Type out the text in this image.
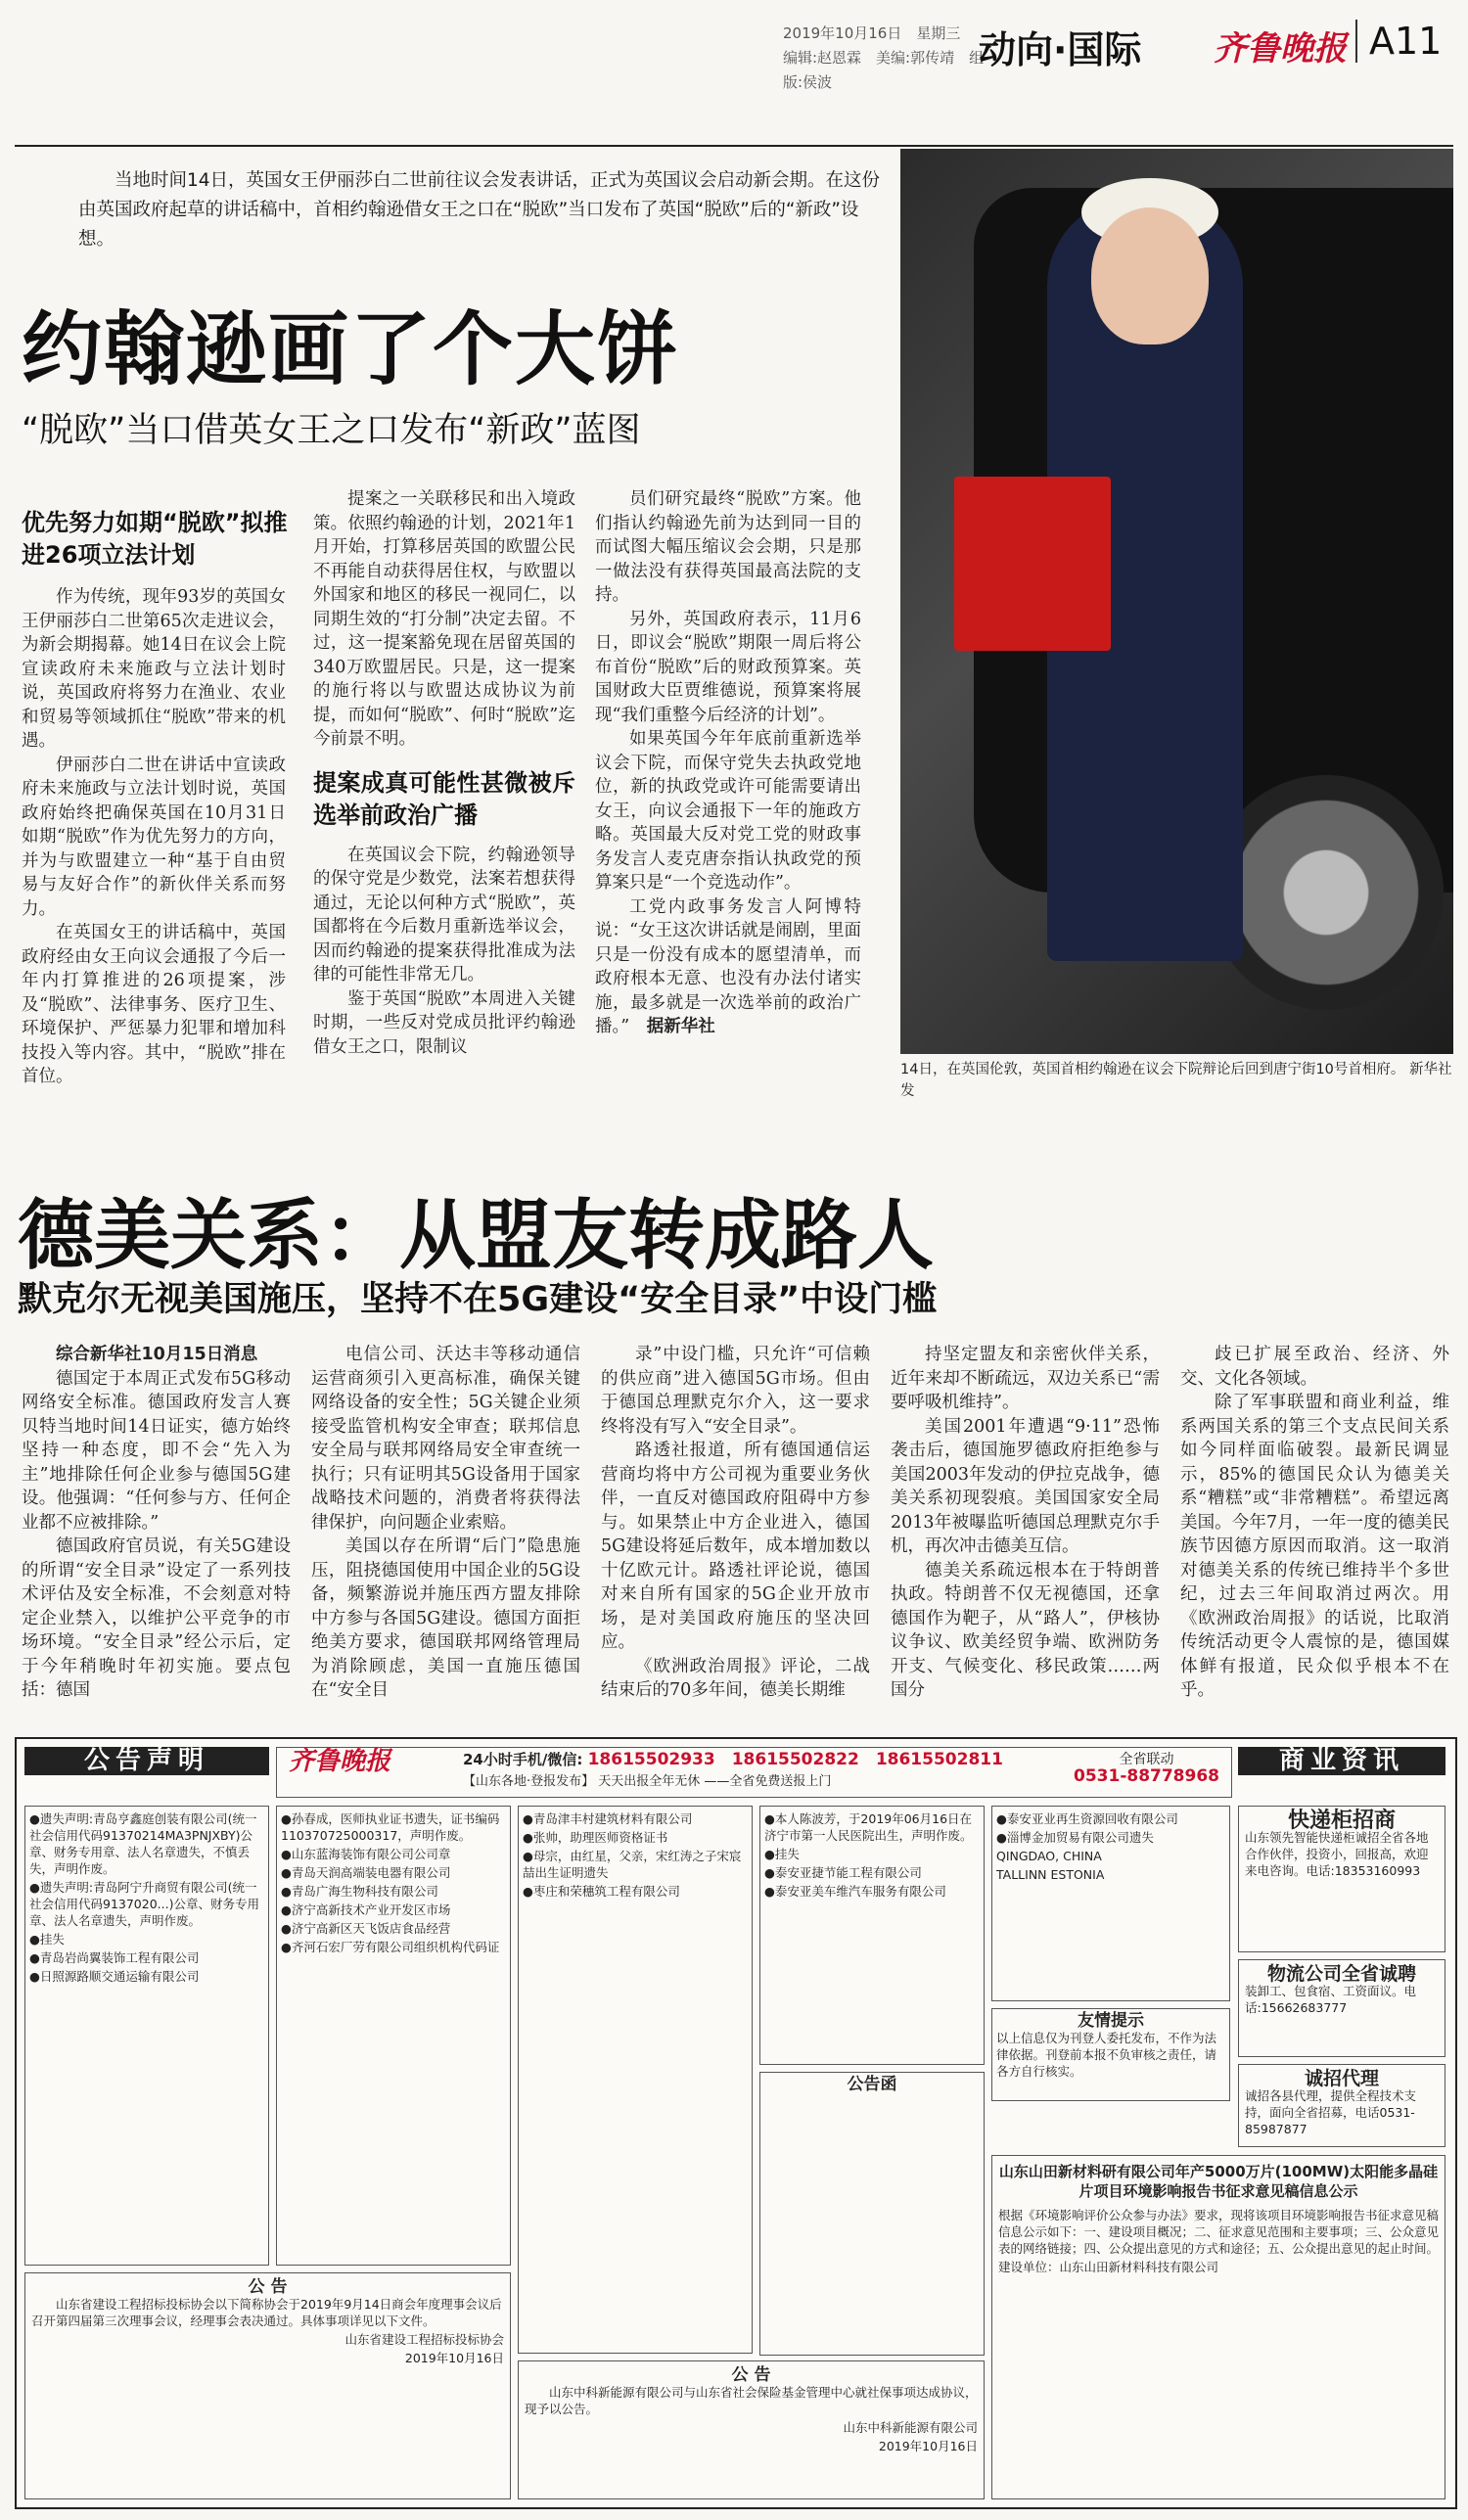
2019年10月16日　 星期三
编辑:赵恩霖　美编:郭传靖　组版:侯波
动向·国际 齐鲁晚报 A11
当地时间14日，英国女王伊丽莎白二世前往议会发表讲话，正式为英国议会启动新会期。在这份由英国政府起草的讲话稿中，首相约翰逊借女王之口在“脱欧”当口发布了英国“脱欧”后的“新政”设想。
约翰逊画了个大饼
“脱欧”当口借英女王之口发布“新政”蓝图
优先努力如期“脱欧”拟推进26项立法计划

作为传统，现年93岁的英国女王伊丽莎白二世第65次走进议会，为新会期揭幕。她14日在议会上院宣读政府未来施政与立法计划时说，英国政府将努力在渔业、农业和贸易等领域抓住“脱欧”带来的机遇。

伊丽莎白二世在讲话中宣读政府未来施政与立法计划时说，英国政府始终把确保英国在10月31日如期“脱欧”作为优先努力的方向，并为与欧盟建立一种“基于自由贸易与友好合作”的新伙伴关系而努力。

在英国女王的讲话稿中，英国政府经由女王向议会通报了今后一年内打算推进的26项提案，涉及“脱欧”、法律事务、医疗卫生、环境保护、严惩暴力犯罪和增加科技投入等内容。其中，“脱欧”排在首位。

提案之一关联移民和出入境政策。依照约翰逊的计划，2021年1月开始，打算移居英国的欧盟公民不再能自动获得居住权，与欧盟以外国家和地区的移民一视同仁，以同期生效的“打分制”决定去留。不过，这一提案豁免现在居留英国的340万欧盟居民。只是，这一提案的施行将以与欧盟达成协议为前提，而如何“脱欧”、何时“脱欧”迄今前景不明。

提案成真可能性甚微被斥选举前政治广播

在英国议会下院，约翰逊领导的保守党是少数党，法案若想获得通过，无论以何种方式“脱欧”，英国都将在今后数月重新选举议会，因而约翰逊的提案获得批准成为法律的可能性非常无几。

鉴于英国“脱欧”本周进入关键时期，一些反对党成员批评约翰逊借女王之口，限制议

员们研究最终“脱欧”方案。他们指认约翰逊先前为达到同一目的而试图大幅压缩议会会期，只是那一做法没有获得英国最高法院的支持。

另外，英国政府表示，11月6日，即议会“脱欧”期限一周后将公布首份“脱欧”后的财政预算案。英国财政大臣贾维德说，预算案将展现“我们重整今后经济的计划”。

如果英国今年年底前重新选举议会下院，而保守党失去执政党地位，新的执政党或许可能需要请出女王，向议会通报下一年的施政方略。英国最大反对党工党的财政事务发言人麦克唐奈指认执政党的预算案只是“一个竞选动作”。

工党内政事务发言人阿博特说：“女王这次讲话就是闹剧，里面只是一份没有成本的愿望清单，而政府根本无意、也没有办法付诸实施，最多就是一次选举前的政治广播。”　 据新华社

14日，在英国伦敦，英国首相约翰逊在议会下院辩论后回到唐宁街10号首相府。 新华社发
德美关系：从盟友转成路人
默克尔无视美国施压，坚持不在5G建设“安全目录”中设门槛
综合新华社10月15日消息

德国定于本周正式发布5G移动网络安全标准。德国政府发言人赛贝特当地时间14日证实，德方始终坚持一种态度，即不会“先入为主”地排除任何企业参与德国5G建设。他强调：“任何参与方、任何企业都不应被排除。”

德国政府官员说，有关5G建设的所谓“安全目录”设定了一系列技术评估及安全标准，不会刻意对特定企业禁入，以维护公平竞争的市场环境。“安全目录”经公示后，定于今年稍晚时年初实施。要点包括：德国

电信公司、沃达丰等移动通信运营商须引入更高标准，确保关键网络设备的安全性；5G关键企业须接受监管机构安全审查；联邦信息安全局与联邦网络局安全审查统一执行；只有证明其5G设备用于国家战略技术问题的，消费者将获得法律保护，向问题企业索赔。

美国以存在所谓“后门”隐患施压，阻挠德国使用中国企业的5G设备，频繁游说并施压西方盟友排除中方参与各国5G建设。德国方面拒绝美方要求，德国联邦网络管理局为消除顾虑，美国一直施压德国在“安全目

录”中设门槛，只允许“可信赖的供应商”进入德国5G市场。但由于德国总理默克尔介入，这一要求终将没有写入“安全目录”。

路透社报道，所有德国通信运营商均将中方公司视为重要业务伙伴，一直反对德国政府阻碍中方参与。如果禁止中方企业进入，德国5G建设将延后数年，成本增加数以十亿欧元计。路透社评论说，德国对来自所有国家的5G企业开放市场，是对美国政府施压的坚决回应。

《欧洲政治周报》评论，二战结束后的70多年间，德美长期维

持坚定盟友和亲密伙伴关系，近年来却不断疏远，双边关系已“需要呼吸机维持”。

美国2001年遭遇“9·11”恐怖袭击后，德国施罗德政府拒绝参与美国2003年发动的伊拉克战争，德美关系初现裂痕。美国国家安全局2013年被曝监听德国总理默克尔手机，再次冲击德美互信。

德美关系疏远根本在于特朗普执政。特朗普不仅无视德国，还拿德国作为靶子，从“路人”，伊核协议争议、欧美经贸争端、欧洲防务开支、气候变化、移民政策……两国分

歧已扩展至政治、经济、外交、文化各领域。

除了军事联盟和商业利益，维系两国关系的第三个支点民间关系如今同样面临破裂。最新民调显示，85%的德国民众认为德美关系“糟糕”或“非常糟糕”。希望远离美国。今年7月，一年一度的德美民族节因德方原因而取消。这一取消对德美关系的传统已维持半个多世纪，过去三年间取消过两次。用《欧洲政治周报》的话说，比取消传统活动更令人震惊的是，德国媒体鲜有报道，民众似乎根本不在乎。

公告声明	齐鲁晚报	24小时手机/微信: 18615502933　18615502822　18615502811
【山东各地·登报发布】 天天出报全年无休 ——全省免费送报上门
全省联动
0531-88778968
商业资讯

●遗失声明:青岛亨鑫庭创装有限公司(统一社会信用代码91370214MA3PNJXBY)公章、财务专用章、法人名章遗失，不慎丢失，声明作废。

●遗失声明:青岛阿宁升商贸有限公司(统一社会信用代码9137020...)公章、财务专用章、法人名章遗失，声明作废。

●挂失

●青岛岩尚翼装饰工程有限公司

●日照源路顺交通运输有限公司

●孙春成，医师执业证书遗失，证书编码110370725000317，声明作废。

●山东蓝海装饰有限公司公司章

●青岛天润高端装电器有限公司

●青岛广海生物科技有限公司

●济宁高新技术产业开发区市场

●济宁高新区天飞饭店食品经营

●齐河石宏厂劳有限公司组织机构代码证

●青岛津丰村建筑材料有限公司

●张帅，助理医师资格证书

●母宗，由红星，父亲，宋红涛之子宋宸喆出生证明遗失

●枣庄和荣穗筑工程有限公司

●本人陈波芳，于2019年06月16日在济宁市第一人民医院出生，声明作废。

●挂失

●泰安亚捷节能工程有限公司

●泰安亚美车维汽车服务有限公司

●泰安亚业再生资源回收有限公司

●淄博金加贸易有限公司遗失

QINGDAO, CHINA

TALLINN ESTONIA

友情提示

以上信息仅为刊登人委托发布，不作为法律依据。刊登前本报不负审核之责任，请各方自行核实。

公告函
快递柜招商

山东领先智能快递柜诚招全省各地合作伙伴，投资小，回报高，欢迎来电咨询。电话:18353160993

物流公司全省诚聘

装卸工、包食宿、工资面议。电话:15662683777

诚招代理

诚招各县代理，提供全程技术支持，面向全省招募，电话0531-85987877

山东山田新材料研有限公司年产5000万片(100MW)太阳能多晶硅片项目环境影响报告书征求意见稿信息公示

根据《环境影响评价公众参与办法》要求，现将该项目环境影响报告书征求意见稿信息公示如下：一、建设项目概况；二、征求意见范围和主要事项；三、公众意见表的网络链接；四、公众提出意见的方式和途径；五、公众提出意见的起止时间。

建设单位：山东山田新材料科技有限公司

公 告

山东省建设工程招标投标协会以下简称协会于2019年9月14日商会年度理事会议后召开第四届第三次理事会议，经理事会表决通过。具体事项详见以下文件。

山东省建设工程招标投标协会

2019年10月16日

公 告

山东中科新能源有限公司与山东省社会保险基金管理中心就社保事项达成协议，现予以公告。

山东中科新能源有限公司

2019年10月16日
